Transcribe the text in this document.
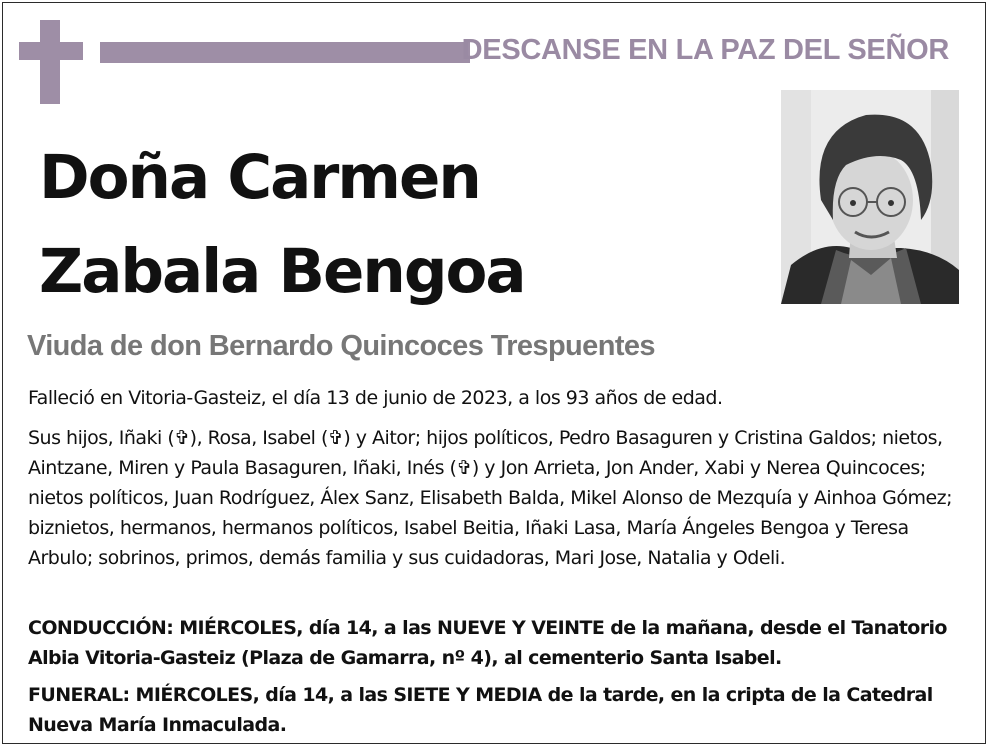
DESCANSE EN LA PAZ DEL SEÑOR
Doña Carmen
Zabala Bengoa
Viuda de don Bernardo Quincoces Trespuentes
Falleció en Vitoria-Gasteiz, el día 13 de junio de 2023, a los 93 años de edad.
Sus hijos, Iñaki (✞), Rosa, Isabel (✞) y Aitor; hijos políticos, Pedro Basaguren y Cristina Galdos; nietos, Aintzane, Miren y Paula Basaguren, Iñaki, Inés (✞) y Jon Arrieta, Jon Ander, Xabi y Nerea Quincoces; nietos políticos, Juan Rodríguez, Álex Sanz, Elisabeth Balda, Mikel Alonso de Mezquía y Ainhoa Gómez; biznietos, hermanos, hermanos políticos, Isabel Beitia, Iñaki Lasa, María Ángeles Bengoa y Teresa Arbulo; sobrinos, primos, demás familia y sus cuidadoras, Mari Jose, Natalia y Odeli.
CONDUCCIÓN: MIÉRCOLES, día 14, a las NUEVE Y VEINTE de la mañana, desde el Tanatorio Albia Vitoria-Gasteiz (Plaza de Gamarra, nº 4), al cementerio Santa Isabel.
FUNERAL: MIÉRCOLES, día 14, a las SIETE Y MEDIA de la tarde, en la cripta de la Catedral Nueva María Inmaculada.
